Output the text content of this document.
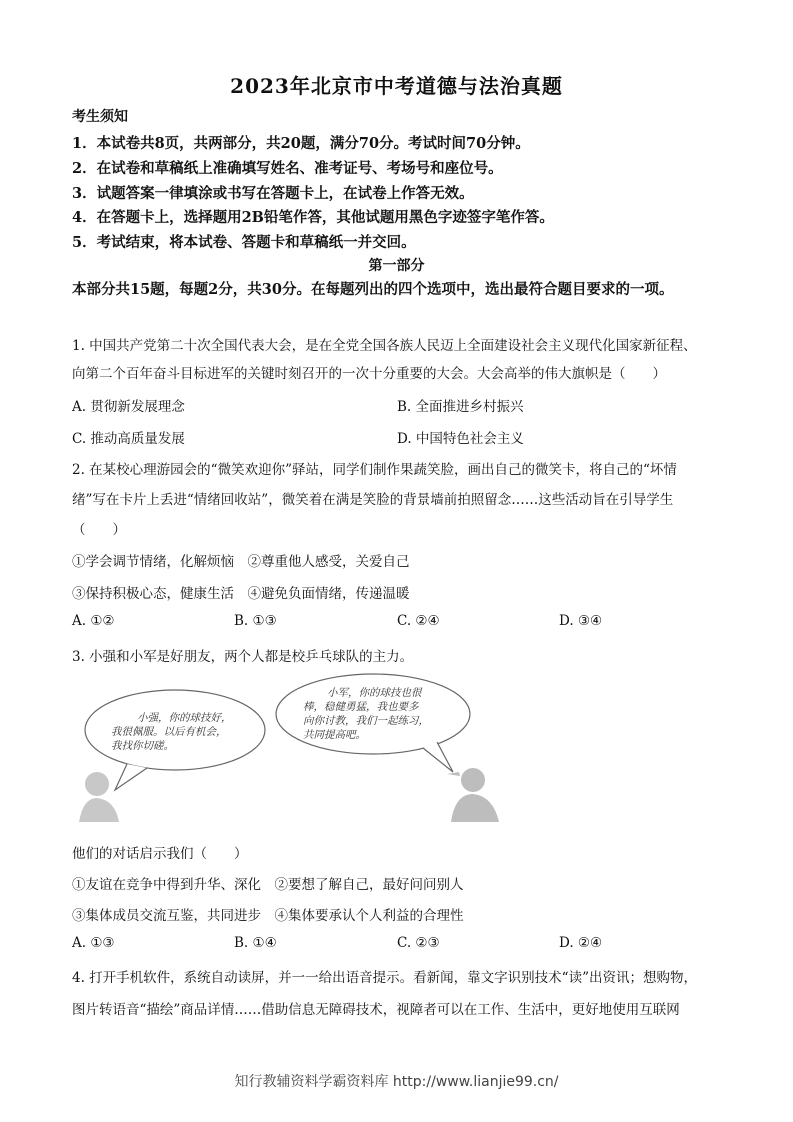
2023年北京市中考道德与法治真题
考生须知
1．本试卷共8页，共两部分，共20题，满分70分。考试时间70分钟。
2．在试卷和草稿纸上准确填写姓名、准考证号、考场号和座位号。
3．试题答案一律填涂或书写在答题卡上，在试卷上作答无效。
4．在答题卡上，选择题用2B铅笔作答，其他试题用黑色字迹签字笔作答。
5．考试结束，将本试卷、答题卡和草稿纸一并交回。
第一部分
本部分共15题，每题2分，共30分。在每题列出的四个选项中，选出最符合题目要求的一项。
1. 中国共产党第二十次全国代表大会，是在全党全国各族人民迈上全面建设社会主义现代化国家新征程、
向第二个百年奋斗目标进军的关键时刻召开的一次十分重要的大会。大会高举的伟大旗帜是（　　）
A. 贯彻新发展理念	B. 全面推进乡村振兴
C. 推动高质量发展	D. 中国特色社会主义
2. 在某校心理游园会的“微笑欢迎你”驿站，同学们制作果蔬笑脸，画出自己的微笑卡，将自己的“坏情
绪”写在卡片上丢进“情绪回收站”，微笑着在满是笑脸的背景墙前拍照留念……这些活动旨在引导学生
（　　）
①学会调节情绪，化解烦恼　②尊重他人感受，关爱自己
③保持积极心态，健康生活　④避免负面情绪，传递温暖
A. ①②	B. ①③	C. ②④	D. ③④
3. 小强和小军是好朋友，两个人都是校乒乓球队的主力。
小强，你的球技好，
我很佩服。以后有机会，
我找你切磋。
小军，你的球技也很
棒，稳健勇猛，我也要多
向你讨教，我们一起练习，
共同提高吧。
他们的对话启示我们（　　）
①友谊在竞争中得到升华、深化　②要想了解自己，最好问问别人
③集体成员交流互鉴，共同进步　④集体要承认个人利益的合理性
A. ①③	B. ①④	C. ②③	D. ②④
4. 打开手机软件，系统自动读屏，并一一给出语音提示。看新闻，靠文字识别技术“读”出资讯；想购物，
图片转语音“描绘”商品详情……借助信息无障碍技术，视障者可以在工作、生活中，更好地使用互联网
知行教辅资料学霸资料库 http://www.lianjie99.cn/
